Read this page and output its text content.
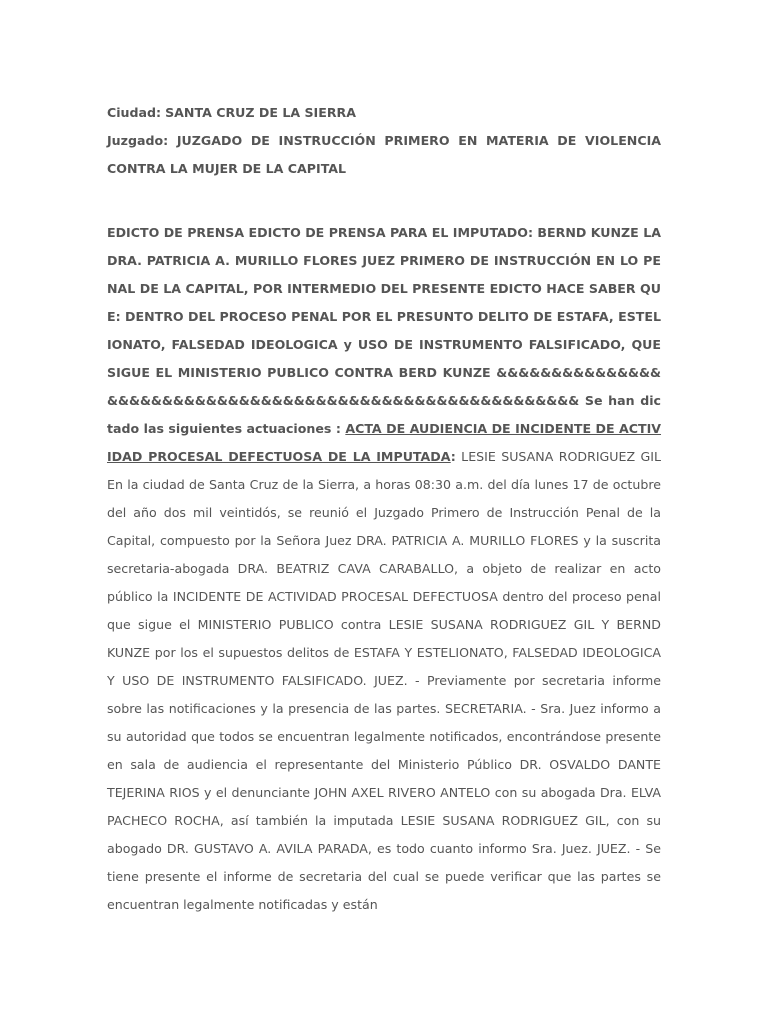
Ciudad: SANTA CRUZ DE LA SIERRA
Juzgado: JUZGADO DE INSTRUCCIÓN PRIMERO EN MATERIA DE VIOLENCIA CONTRA LA MUJER DE LA CAPITAL
EDICTO DE PRENSA EDICTO DE PRENSA PARA EL IMPUTADO: BERND KUNZE LA DRA. PATRICIA A. MURILLO FLORES JUEZ PRIMERO DE INSTRUCCIÓN EN LO PENAL DE LA CAPITAL, POR INTERMEDIO DEL PRESENTE EDICTO HACE SABER QUE: DENTRO DEL PROCESO PENAL POR EL PRESUNTO DELITO DE ESTAFA, ESTELIONATO, FALSEDAD IDEOLOGICA y USO DE INSTRUMENTO FALSIFICADO, QUE SIGUE EL MINISTERIO PUBLICO CONTRA BERD KUNZE &&&&&&&&&&&&&&&&&&&&&&&&&&&&&&&&&&&&&&&&&&&&&&&&&&&&&&&&&& Se han dictado las siguientes actuaciones : ACTA DE AUDIENCIA DE INCIDENTE DE ACTIVIDAD PROCESAL DEFECTUOSA DE LA IMPUTADA: LESIE SUSANA RODRIGUEZ GIL En la ciudad de Santa Cruz de la Sierra, a horas 08:30 a.m. del día lunes 17 de octubre del año dos mil veintidós, se reunió el Juzgado Primero de Instrucción Penal de la Capital, compuesto por la Señora Juez DRA. PATRICIA A. MURILLO FLORES y la suscrita secretaria-abogada DRA. BEATRIZ CAVA CARABALLO, a objeto de realizar en acto público la INCIDENTE DE ACTIVIDAD PROCESAL DEFECTUOSA dentro del proceso penal que sigue el MINISTERIO PUBLICO contra LESIE SUSANA RODRIGUEZ GIL Y BERND KUNZE por los el supuestos delitos de ESTAFA Y ESTELIONATO, FALSEDAD IDEOLOGICA Y USO DE INSTRUMENTO FALSIFICADO. JUEZ. - Previamente por secretaria informe sobre las notificaciones y la presencia de las partes. SECRETARIA. - Sra. Juez informo a su autoridad que todos se encuentran legalmente notificados, encontrándose presente en sala de audiencia el representante del Ministerio Público DR. OSVALDO DANTE TEJERINA RIOS y el denunciante JOHN AXEL RIVERO ANTELO con su abogada Dra. ELVA PACHECO ROCHA, así también la imputada LESIE SUSANA RODRIGUEZ GIL, con su abogado DR. GUSTAVO A. AVILA PARADA, es todo cuanto informo Sra. Juez. JUEZ. - Se tiene presente el informe de secretaria del cual se puede verificar que las partes se encuentran legalmente notificadas y están
